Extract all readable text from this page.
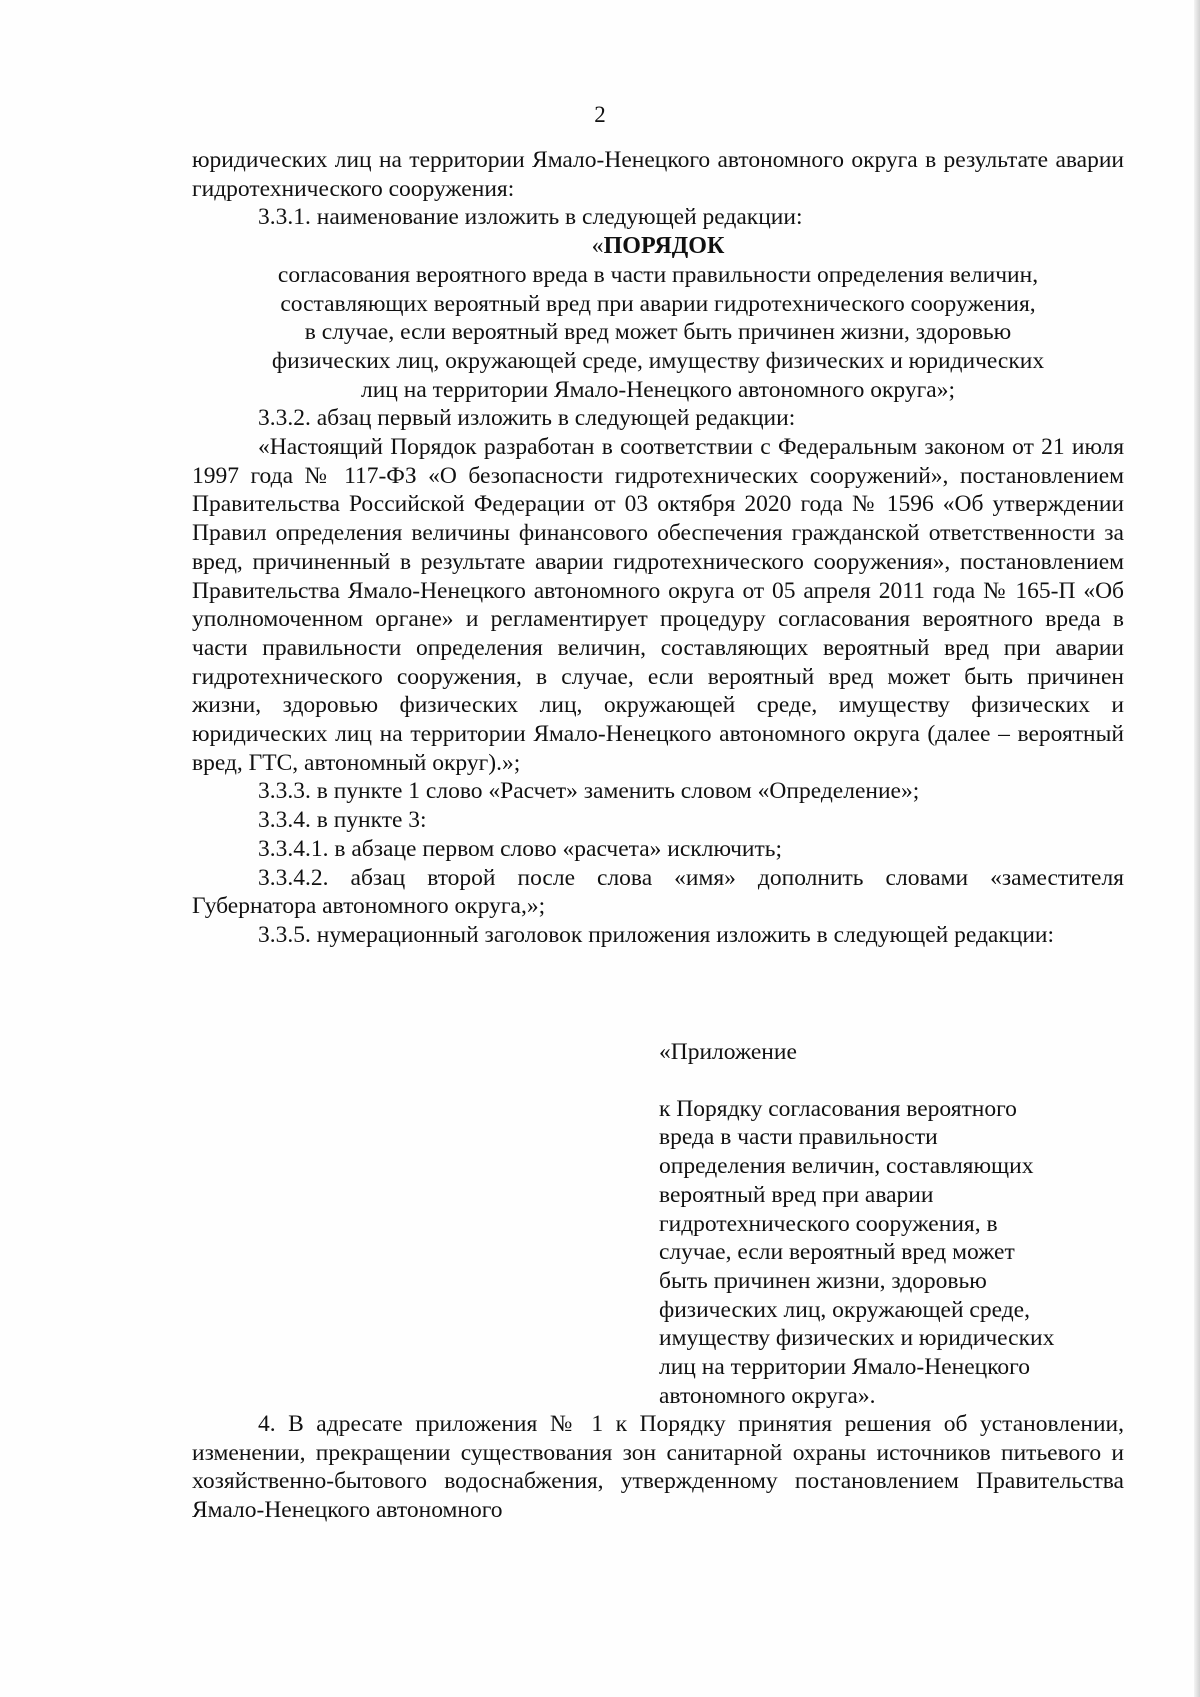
2

юридических лиц на территории Ямало-Ненецкого автономного округа в результате аварии гидротехнического сооружения:

3.3.1. наименование изложить в следующей редакции:

«ПОРЯДОК

согласования вероятного вреда в части правильности определения величин,
составляющих вероятный вред при аварии гидротехнического сооружения,
в случае, если вероятный вред может быть причинен жизни, здоровью
физических лиц, окружающей среде, имуществу физических и юридических
лиц на территории Ямало-Ненецкого автономного округа»;

3.3.2. абзац первый изложить в следующей редакции:

«Настоящий Порядок разработан в соответствии с Федеральным законом от 21 июля 1997 года № 117-ФЗ «О безопасности гидротехнических сооружений», постановлением Правительства Российской Федерации от 03 октября 2020 года № 1596 «Об утверждении Правил определения величины финансового обеспечения гражданской ответственности за вред, причиненный в результате аварии гидротехнического сооружения», постановлением Правительства Ямало-Ненецкого автономного округа от 05 апреля 2011 года № 165-П «Об уполномоченном органе» и регламентирует процедуру согласования вероятного вреда в части правильности определения величин, составляющих вероятный вред при аварии гидротехнического сооружения, в случае, если вероятный вред может быть причинен жизни, здоровью физических лиц, окружающей среде, имуществу физических и юридических лиц на территории Ямало-Ненецкого автономного округа (далее – вероятный вред, ГТС, автономный округ).»;

3.3.3. в пункте 1 слово «Расчет» заменить словом «Определение»;

3.3.4. в пункте 3:

3.3.4.1. в абзаце первом слово «расчета» исключить;

3.3.4.2. абзац второй после слова «имя» дополнить словами «заместителя Губернатора автономного округа,»;

3.3.5. нумерационный заголовок приложения изложить в следующей редакции:

«Приложение

к Порядку согласования вероятного
вреда в части правильности
определения величин, составляющих
вероятный вред при аварии
гидротехнического сооружения, в
случае, если вероятный вред может
быть причинен жизни, здоровью
физических лиц, окружающей среде,
имуществу физических и юридических
лиц на территории Ямало-Ненецкого
автономного округа».

4. В адресате приложения № 1 к Порядку принятия решения об установлении, изменении, прекращении существования зон санитарной охраны источников питьевого и хозяйственно-бытового водоснабжения, утвержденному постановлением Правительства Ямало-Ненецкого автономного
